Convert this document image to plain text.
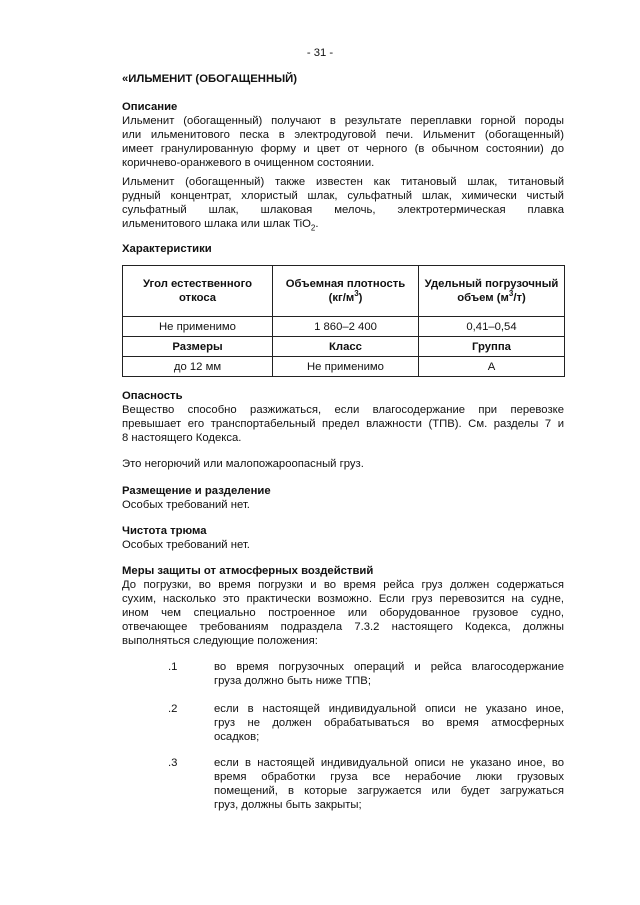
- 31 -
«ИЛЬМЕНИТ (ОБОГАЩЕННЫЙ)
Описание
Ильменит (обогащенный) получают в результате переплавки горной породы
или ильменитового песка в электродуговой печи. Ильменит (обогащенный)
имеет гранулированную форму и цвет от черного (в обычном состоянии) до
коричнево-оранжевого в очищенном состоянии.
Ильменит (обогащенный) также известен как титановый шлак, титановый
рудный концентрат, хлористый шлак, сульфатный шлак, химически чистый
сульфатный шлак, шлаковая мелочь, электротермическая плавка
ильменитового шлака или шлак TiO$_2$.
Характеристики
Угол естественного откоса	Объемная плотность $(кг/м^3)$	Удельный погрузочный объем $(м^3/т)$
Не применимо	1 860–2 400	0,41–0,54
Размеры	Класс	Группа
до 12 мм	Не применимо	A
Опасность
Вещество способно разжижаться, если влагосодержание при перевозке
превышает его транспортабельный предел влажности (ТПВ). См. разделы 7 и
8 настоящего Кодекса.
Это негорючий или малопожароопасный груз.
Размещение и разделение
Особых требований нет.
Чистота трюма
Особых требований нет.
Меры защиты от атмосферных воздействий
До погрузки, во время погрузки и во время рейса груз должен содержаться
сухим, насколько это практически возможно. Если груз перевозится на судне,
ином чем специально построенное или оборудованное грузовое судно,
отвечающее требованиям подраздела 7.3.2 настоящего Кодекса, должны
выполняться следующие положения:
.1	во время погрузочных операций и рейса влагосодержание
груза должно быть ниже ТПВ;
.2	если в настоящей индивидуальной описи не указано иное,
груз не должен обрабатываться во время атмосферных
осадков;
.3	если в настоящей индивидуальной описи не указано иное, во
время обработки груза все нерабочие люки грузовых
помещений, в которые загружается или будет загружаться
груз, должны быть закрыты;
